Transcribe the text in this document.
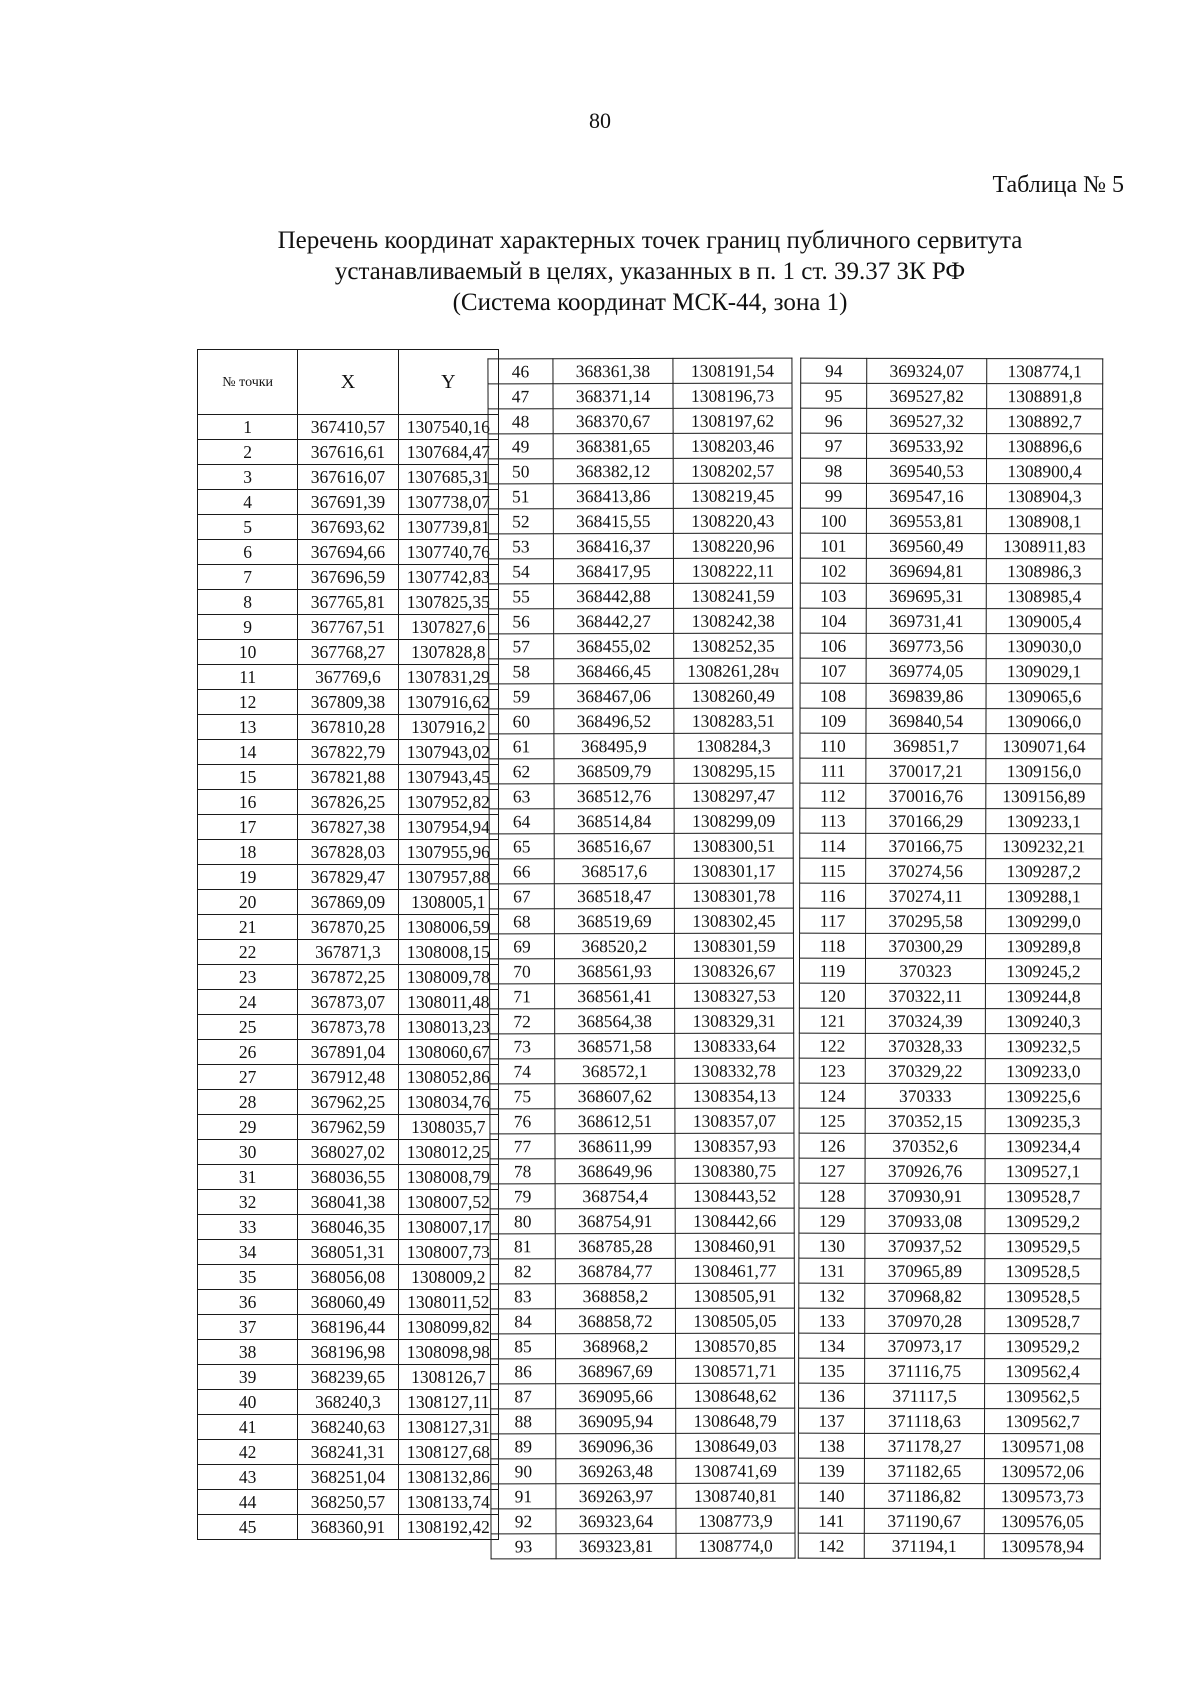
80
Таблица № 5
Перечень координат характерных точек границ публичного сервитута
устанавливаемый в целях, указанных в п. 1 ст. 39.37 ЗК РФ
(Система координат МСК-44, зона 1)
№ точки	X	Y
1	367410,57	1307540,16
2	367616,61	1307684,47
3	367616,07	1307685,31
4	367691,39	1307738,07
5	367693,62	1307739,81
6	367694,66	1307740,76
7	367696,59	1307742,83
8	367765,81	1307825,35
9	367767,51	1307827,6
10	367768,27	1307828,8
11	367769,6	1307831,29
12	367809,38	1307916,62
13	367810,28	1307916,2
14	367822,79	1307943,02
15	367821,88	1307943,45
16	367826,25	1307952,82
17	367827,38	1307954,94
18	367828,03	1307955,96
19	367829,47	1307957,88
20	367869,09	1308005,1
21	367870,25	1308006,59
22	367871,3	1308008,15
23	367872,25	1308009,78
24	367873,07	1308011,48
25	367873,78	1308013,23
26	367891,04	1308060,67
27	367912,48	1308052,86
28	367962,25	1308034,76
29	367962,59	1308035,7
30	368027,02	1308012,25
31	368036,55	1308008,79
32	368041,38	1308007,52
33	368046,35	1308007,17
34	368051,31	1308007,73
35	368056,08	1308009,2
36	368060,49	1308011,52
37	368196,44	1308099,82
38	368196,98	1308098,98
39	368239,65	1308126,7
40	368240,3	1308127,11
41	368240,63	1308127,31
42	368241,31	1308127,68
43	368251,04	1308132,86
44	368250,57	1308133,74
45	368360,91	1308192,42
46	368361,38	1308191,54
47	368371,14	1308196,73
48	368370,67	1308197,62
49	368381,65	1308203,46
50	368382,12	1308202,57
51	368413,86	1308219,45
52	368415,55	1308220,43
53	368416,37	1308220,96
54	368417,95	1308222,11
55	368442,88	1308241,59
56	368442,27	1308242,38
57	368455,02	1308252,35
58	368466,45	1308261,28ч
59	368467,06	1308260,49
60	368496,52	1308283,51
61	368495,9	1308284,3
62	368509,79	1308295,15
63	368512,76	1308297,47
64	368514,84	1308299,09
65	368516,67	1308300,51
66	368517,6	1308301,17
67	368518,47	1308301,78
68	368519,69	1308302,45
69	368520,2	1308301,59
70	368561,93	1308326,67
71	368561,41	1308327,53
72	368564,38	1308329,31
73	368571,58	1308333,64
74	368572,1	1308332,78
75	368607,62	1308354,13
76	368612,51	1308357,07
77	368611,99	1308357,93
78	368649,96	1308380,75
79	368754,4	1308443,52
80	368754,91	1308442,66
81	368785,28	1308460,91
82	368784,77	1308461,77
83	368858,2	1308505,91
84	368858,72	1308505,05
85	368968,2	1308570,85
86	368967,69	1308571,71
87	369095,66	1308648,62
88	369095,94	1308648,79
89	369096,36	1308649,03
90	369263,48	1308741,69
91	369263,97	1308740,81
92	369323,64	1308773,9
93	369323,81	1308774,0
94	369324,07	1308774,1
95	369527,82	1308891,8
96	369527,32	1308892,7
97	369533,92	1308896,6
98	369540,53	1308900,4
99	369547,16	1308904,3
100	369553,81	1308908,1
101	369560,49	1308911,83
102	369694,81	1308986,3
103	369695,31	1308985,4
104	369731,41	1309005,4
106	369773,56	1309030,0
107	369774,05	1309029,1
108	369839,86	1309065,6
109	369840,54	1309066,0
110	369851,7	1309071,64
111	370017,21	1309156,0
112	370016,76	1309156,89
113	370166,29	1309233,1
114	370166,75	1309232,21
115	370274,56	1309287,2
116	370274,11	1309288,1
117	370295,58	1309299,0
118	370300,29	1309289,8
119	370323	1309245,2
120	370322,11	1309244,8
121	370324,39	1309240,3
122	370328,33	1309232,5
123	370329,22	1309233,0
124	370333	1309225,6
125	370352,15	1309235,3
126	370352,6	1309234,4
127	370926,76	1309527,1
128	370930,91	1309528,7
129	370933,08	1309529,2
130	370937,52	1309529,5
131	370965,89	1309528,5
132	370968,82	1309528,5
133	370970,28	1309528,7
134	370973,17	1309529,2
135	371116,75	1309562,4
136	371117,5	1309562,5
137	371118,63	1309562,7
138	371178,27	1309571,08
139	371182,65	1309572,06
140	371186,82	1309573,73
141	371190,67	1309576,05
142	371194,1	1309578,94
